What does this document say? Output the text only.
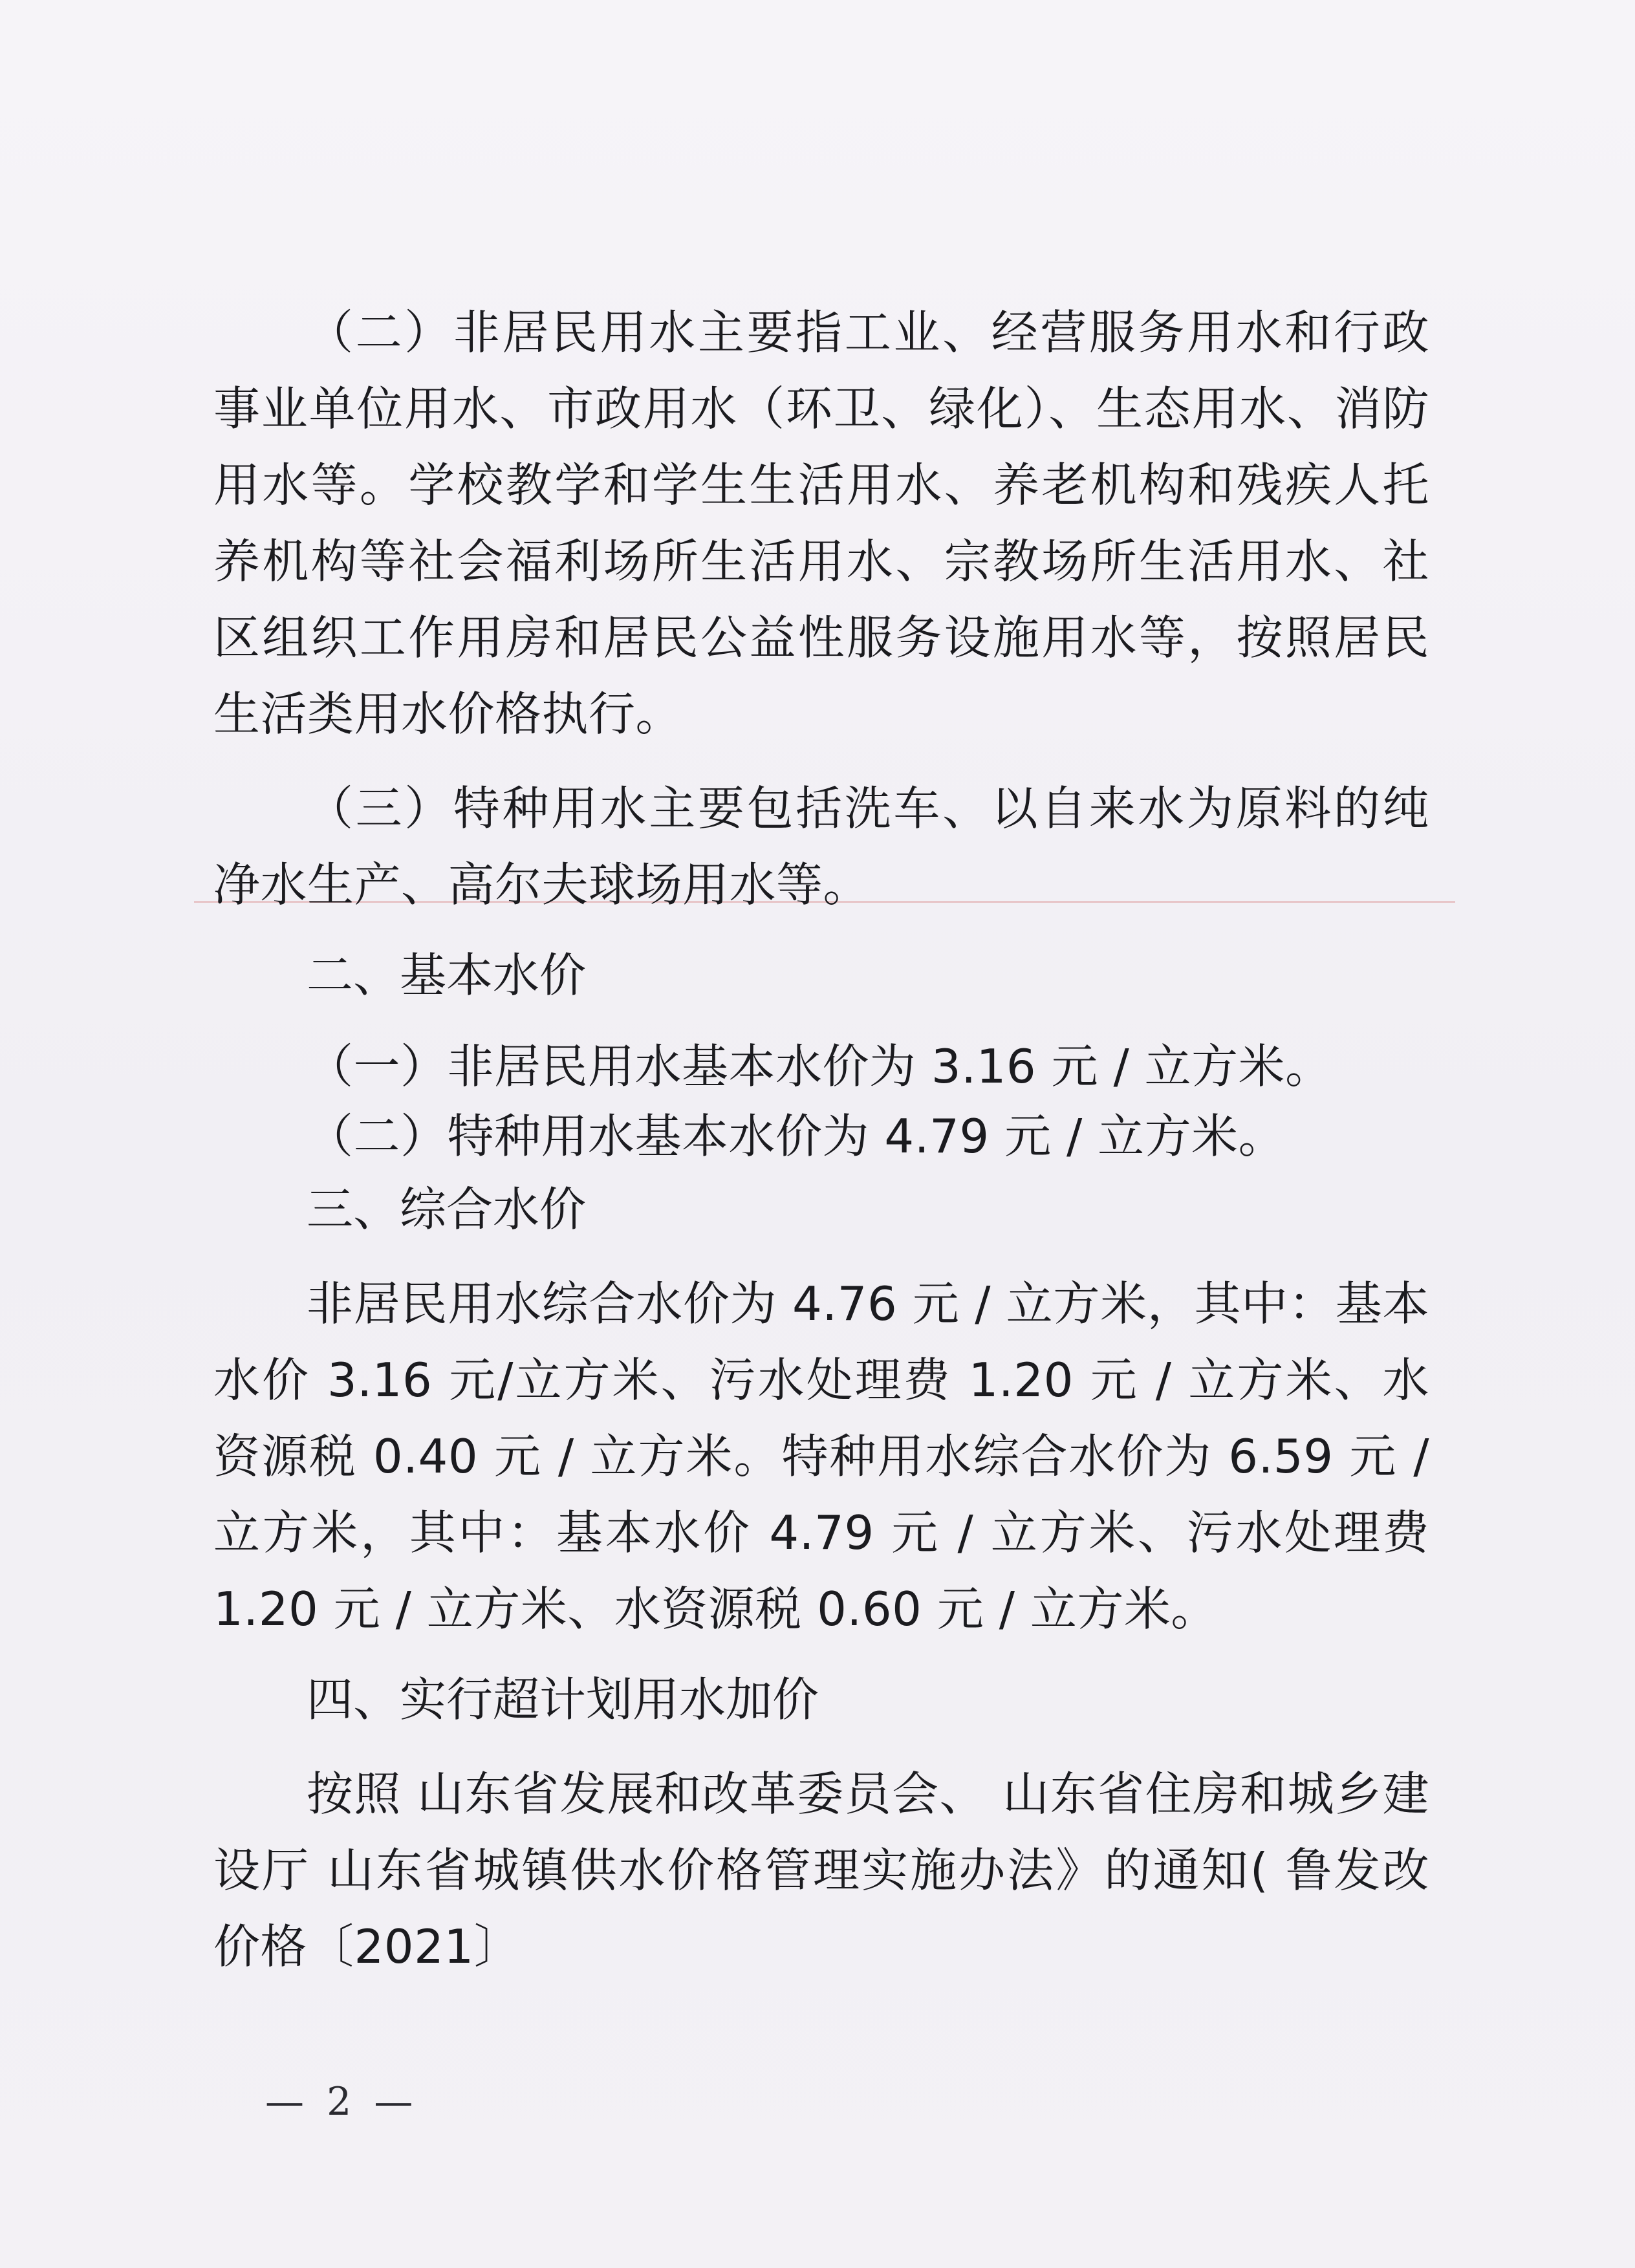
（二）非居民用水主要指工业、经营服务用水和行政事业单位用水、市政用水（环卫、绿化）、生态用水、消防用水等。学校教学和学生生活用水、养老机构和残疾人托养机构等社会福利场所生活用水、宗教场所生活用水、社区组织工作用房和居民公益性服务设施用水等，按照居民生活类用水价格执行。

（三）特种用水主要包括洗车、以自来水为原料的纯净水生产、高尔夫球场用水等。

二、基本水价

（一）非居民用水基本水价为 3.16 元 / 立方米。

（二）特种用水基本水价为 4.79 元 / 立方米。

三、综合水价

非居民用水综合水价为 4.76 元 / 立方米，其中：基本水价 3.16 元/立方米、污水处理费 1.20 元 / 立方米、水资源税 0.40 元 / 立方米。特种用水综合水价为 6.59 元 / 立方米，其中：基本水价 4.79 元 / 立方米、污水处理费 1.20 元 / 立方米、水资源税 0.60 元 / 立方米。

四、实行超计划用水加价

按照 山东省发展和改革委员会、 山东省住房和城乡建设厅 山东省城镇供水价格管理实施办法》的通知( 鲁发改价格〔2021〕

— 2 —
